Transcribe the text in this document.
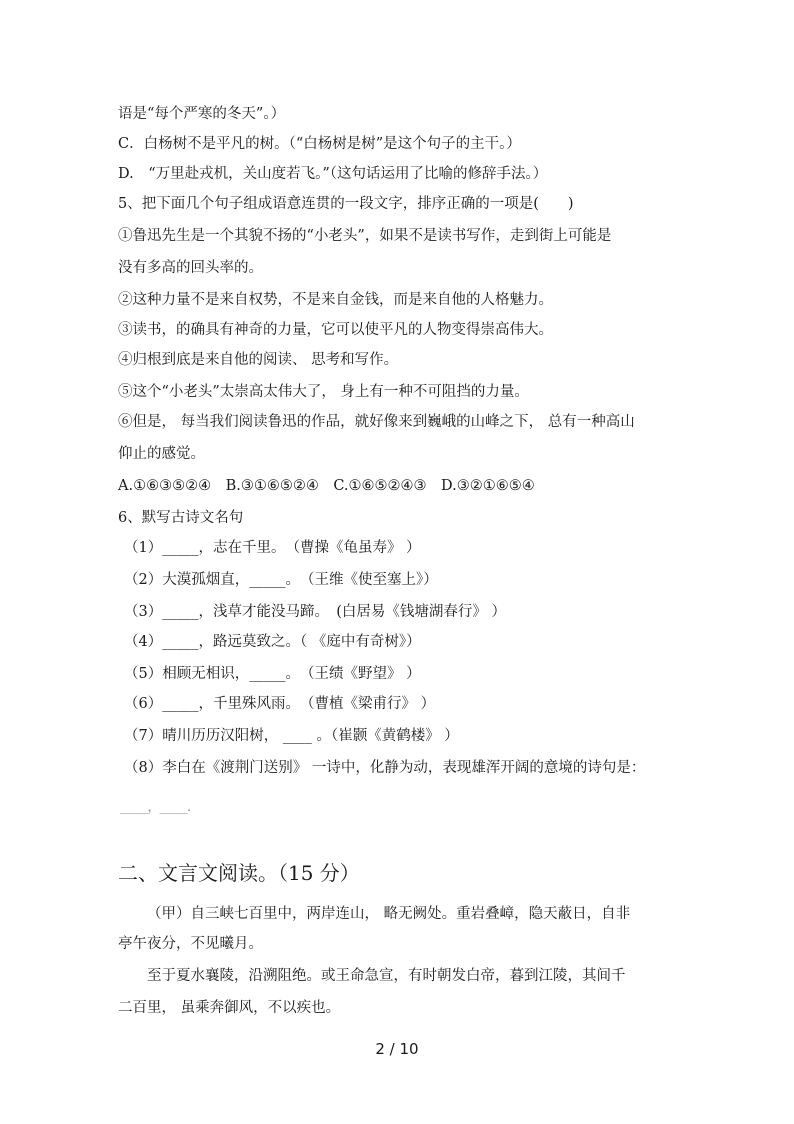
语是“每个严寒的冬天”。）
C．白杨树不是平凡的树。（“白杨树是树”是这个句子的主干。）
D.　“万里赴戎机，关山度若飞。”（这句话运用了比喻的修辞手法。）
5、把下面几个句子组成语意连贯的一段文字，排序正确的一项是(　　)
①鲁迅先生是一个其貌不扬的“小老头”，如果不是读书写作，走到街上可能是
没有多高的回头率的。
②这种力量不是来自权势，不是来自金钱，而是来自他的人格魅力。
③读书，的确具有神奇的力量，它可以使平凡的人物变得崇高伟大。
④归根到底是来自他的阅读、 思考和写作。
⑤这个“小老头”太崇高太伟大了， 身上有一种不可阻挡的力量。
⑥但是， 每当我们阅读鲁迅的作品，就好像来到巍峨的山峰之下， 总有一种高山
仰止的感觉。
A.①⑥③⑤②④　B.③①⑥⑤②④　C.①⑥⑤②④③　D.③②①⑥⑤④
6、默写古诗文名句
（1）_____，志在千里。　（曹操《龟虽寿》 ）
（2）大漠孤烟直，_____。　（王维《使至塞上》）
（3）_____，浅草才能没马蹄。　(白居易《钱塘湖春行》 ）
（4）_____，路远莫致之。（ 《庭中有奇树》）
（5）相顾无相识，_____。　（王绩《野望》 ）
（6）_____，千里殊风雨。　（曹植《梁甫行》 ）
（7）晴川历历汉阳树， ____ 。（崔颢《黄鹤楼》 ）
（8）李白在《渡荆门送别》 一诗中，化静为动，表现雄浑开阔的意境的诗句是：
_____，_____.
二、文言文阅读。（15 分）
（甲）自三峡七百里中，两岸连山， 略无阙处。重岩叠嶂，隐天蔽日，自非
亭午夜分，不见曦月。
至于夏水襄陵，沿溯阻绝。或王命急宣，有时朝发白帝，暮到江陵，其间千
二百里， 虽乘奔御风，不以疾也。
2 / 10
